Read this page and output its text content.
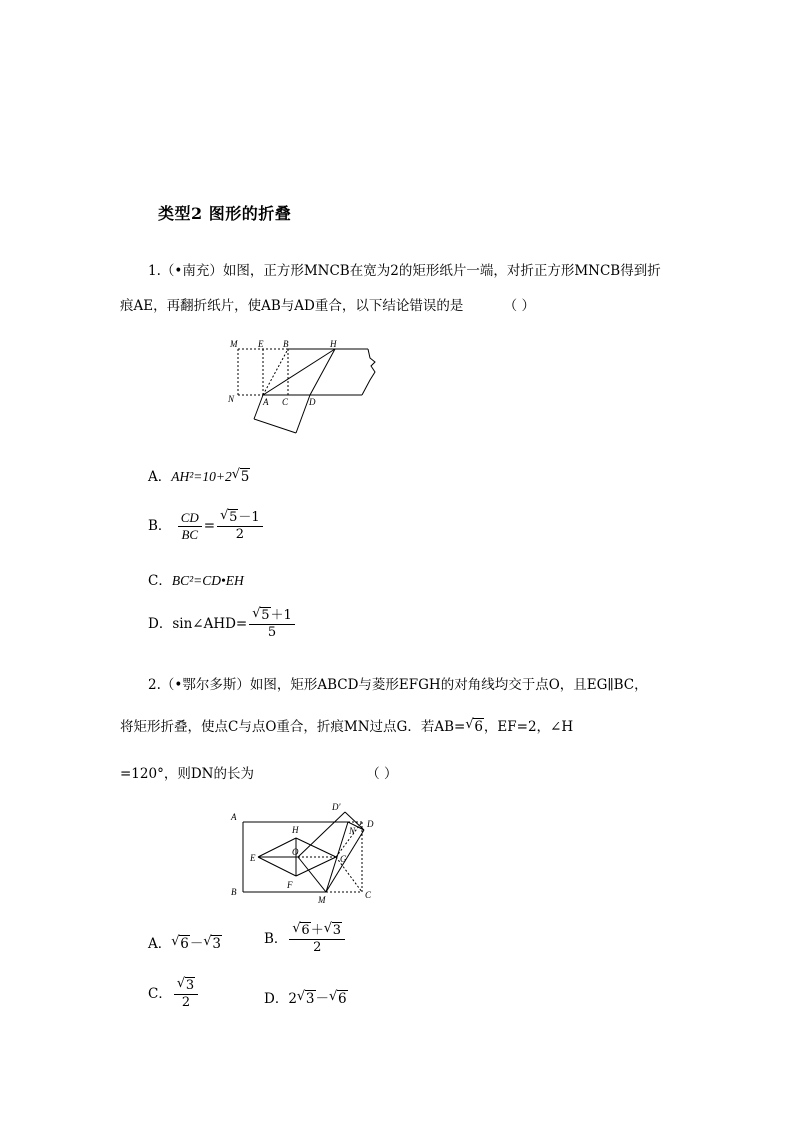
类型2 图形的折叠
1.（•南充）如图，正方形MNCB在宽为2的矩形纸片一端，对折正方形MNCB得到折
痕AE，再翻折纸片，使AB与AD重合，以下结论错误的是	（ ）
M E B	H
N	A C D
A．AH²=10+2 √ 5
B． $\frac{CD}{BC} = \frac{√ 5-1}{2}$
C．BC²=CD•EH
D．sin∠AHD= $\frac{√ 5+1}{5}$
2.（•鄂尔多斯）如图，矩形ABCD与菱形EFGH的对角线均交于点O，且EG∥BC，
将矩形折叠，使点C与点O重合，折痕MN过点G．若AB= √ 6，EF=2，∠H
=120°，则DN的长为	（ ）
A
D'
D
H	N
O
E	G
B
F
M	C
A． √ 6－ √ 3	B． $\frac{√ 6+ √ 3}{2}$
C． $\frac{√ 3}{2}$	D．2 √ 3－ √ 6
